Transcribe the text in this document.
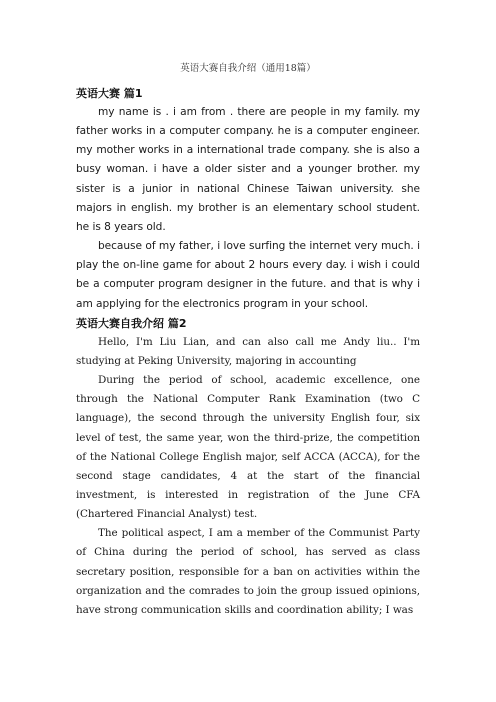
英语大赛自我介绍（通用18篇）

英语大赛 篇1

my name is . i am from . there are people in my family. my father works in a computer company. he is a computer engineer. my mother works in a international trade company. she is also a busy woman. i have a older sister and a younger brother. my sister is a junior in national Chinese Taiwan university. she majors in english. my brother is an elementary school student. he is 8 years old.

because of my father, i love surfing the internet very much. i play the on-line game for about 2 hours every day. i wish i could be a computer program designer in the future. and that is why i am applying for the electronics program in your school.

英语大赛自我介绍 篇2

Hello, I'm Liu Lian, and can also call me Andy liu.. I'm studying at Peking University, majoring in accounting

During the period of school, academic excellence, one through the National Computer Rank Examination (two C language), the second through the university English four, six level of test, the same year, won the third-prize, the competition of the National College English major, self ACCA (ACCA), for the second stage candidates, 4 at the start of the financial investment, is interested in registration of the June CFA (Chartered Financial Analyst) test.

The political aspect, I am a member of the Communist Party of China during the period of school, has served as class secretary position, responsible for a ban on activities within the organization and the comrades to join the group issued opinions, have strong communication skills and coordination ability; I was
